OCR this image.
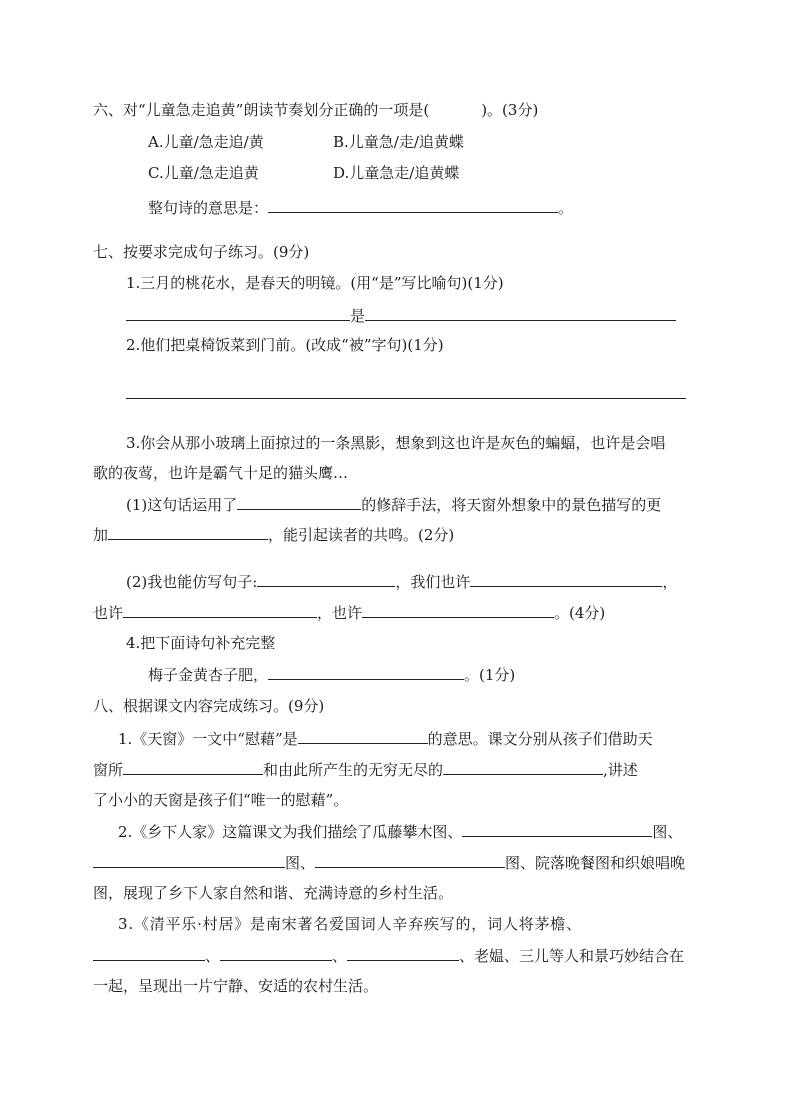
六、对“儿童急走追黄”朗读节奏划分正确的一项是(	)。(3分)
A.儿童/急走追/黄	B.儿童急/走/追黄蝶
C.儿童/急走追黄	D.儿童急走/追黄蝶
整句诗的意思是：	。
七、按要求完成句子练习。(9分)
1.三月的桃花水，是春天的明镜。(用“是”写比喻句)(1分)
是
2.他们把桌椅饭菜到门前。(改成“被”字句)(1分)
3.你会从那小玻璃上面掠过的一条黑影，想象到这也许是灰色的蝙蝠，也许是会唱
歌的夜莺，也许是霸气十足的猫头鹰…
(1)这句话运用了	的修辞手法，将天窗外想象中的景色描写的更
加	，能引起读者的共鸣。(2分)
(2)我也能仿写句子:	，我们也许	，
也许	，也许	。(4分)
4.把下面诗句补充完整
梅子金黄杏子肥，	。(1分)
八、根据课文内容完成练习。(9分)
1.《天窗》一文中“慰藉”是	的意思。课文分别从孩子们借助天
窗所	和由此所产生的无穷无尽的	,讲述
了小小的天窗是孩子们“唯一的慰藉”。
2.《乡下人家》这篇课文为我们描绘了瓜藤攀木图、	图、
图、	图、院落晚餐图和织娘唱晚
图，展现了乡下人家自然和谐、充满诗意的乡村生活。
3.《清平乐·村居》是南宋著名爱国词人辛弃疾写的，词人将茅檐、
、	、	、老媪、三儿等人和景巧妙结合在
一起，呈现出一片宁静、安适的农村生活。
